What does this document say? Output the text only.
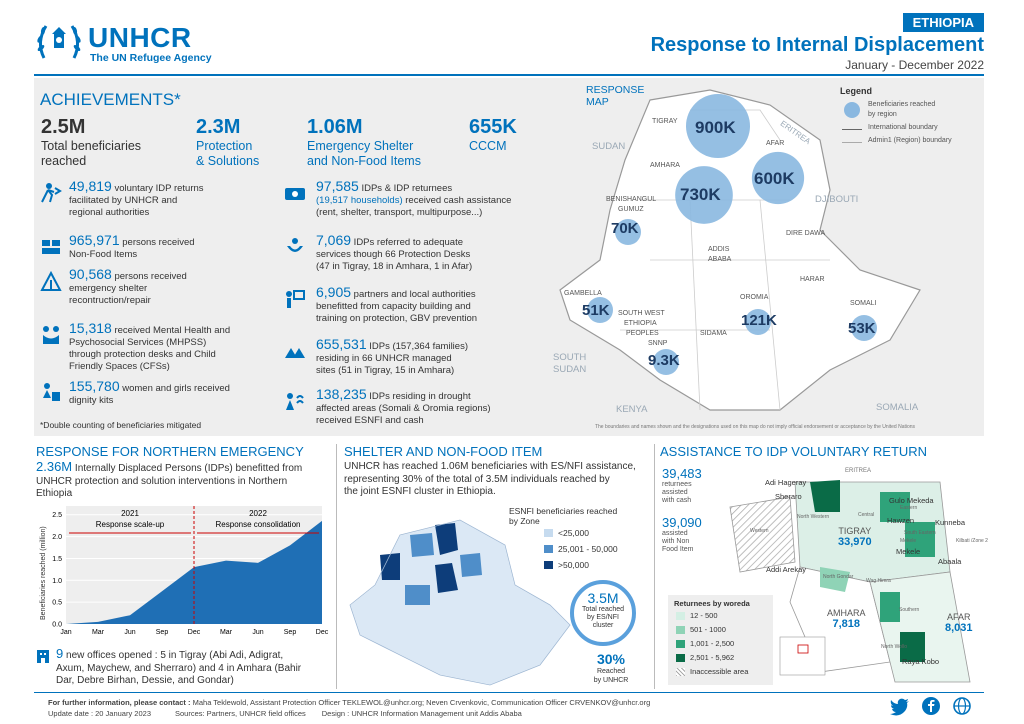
UNHCR
The UN Refugee Agency
ETHIOPIA
Response to Internal Displacement
January - December 2022
ACHIEVEMENTS*
2.5M
Total beneficiaries
reached
2.3M
Protection
& Solutions
1.06M
Emergency Shelter
and Non-Food Items
655K
CCCM
49,819 voluntary IDP returns
facilitated by UNHCR and
regional authorities
965,971 persons received
Non-Food Items
90,568 persons received
emergency shelter
recontruction/repair
15,318 received Mental Health and
Psychosocial Services (MHPSS)
through protection desks and Child
Friendly Spaces (CFSs)
155,780 women and girls received
dignity kits
*Double counting of beneficiaries mitigated
97,585 IDPs & IDP returnees
(19,517 households) received cash assistance
(rent, shelter, transport, multipurpose...)
7,069 IDPs referred to adequate
services though 66 Protection Desks
(47 in Tigray, 18 in Amhara, 1 in Afar)
6,905 partners and local authorities
benefitted from capacity building and
training on protection, GBV prevention
655,531 IDPs (157,364 families)
residing in 66 UNHCR managed
sites (51 in Tigray, 15 in Amhara)
138,235 IDPs residing in drought
affected areas (Somali & Oromia regions)
received ESNFI and cash
RESPONSE
MAP
Legend
Beneficiaries reached
by region
International boundary
Admin1 (Region) boundary
SUDAN
ERITREA
DJIBOUTI
SOUTH
SUDAN
KENYA	SOMALIA
TIGRAY
AFAR
AMHARA
BENISHANGUL
GUMUZ
ADDIS
ABABA
DIRE DAWA
HARAR
GAMBELLA
SOUTH WEST
ETHIOPIA
PEOPLES
OROMIA
SOMALI
SIDAMA
SNNP
900K
600K
730K
70K
51K
121K	53K
9.3K
The boundaries and names shown and the designations used on this map do not imply official endorsement or acceptance by the United Nations
RESPONSE FOR NORTHERN EMERGENCY
2.36M Internally Displaced Persons (IDPs) benefitted from
UNHCR protection and solution interventions in Northern
Ethiopia
0.0
0.5
1.0
1.5
2.0
2.5
Jan	Mar	Jun	Sep	Dec	Mar	Jun	Sep	Dec
2021
Response scale-up
2022
Response consolidation
Beneficiaries reached (million)
9 new offices opened : 5 in Tigray (Abi Adi, Adigrat,
Axum, Maychew, and Sherraro) and 4 in Amhara (Bahir
Dar, Debre Birhan, Dessie, and Gondar)
SHELTER AND NON-FOOD ITEM
UNHCR has reached 1.06M beneficiaries with ES/NFI assistance,
representing 30% of the total of 3.5M individuals reached by
the joint ESNFI cluster in Ethiopia.
ESNFI beneficiaries reached
by Zone
<25,000
25,001 - 50,000
>50,000
3.5M
Total reached
by ES/NFI
cluster
30%
Reached
by UNHCR
ASSISTANCE TO IDP VOLUNTARY RETURN
39,483
returnees
assisted
with cash
39,090
assisted
with Non
Food Item
Adi Hageray
Sheraro	Gulo Mekeda
Hawzen	Kunneba
Mekele
Abaala
Addi Arekay
Raya Kobo
ERITREA
Western
North Western	Central
Eastern
South Eastern
Mekele
North Gondar
Wag Himra
North Wollo
Kilbati /Zone 2
Southern
TIGRAY
33,970
AMHARA
7,818
AFAR
8,031
Returnees by woreda
12 - 500
501 - 1000
1,001 - 2,500
2,501 - 5,962
Inaccessible area
For further information, please contact : Maha Teklewold, Assistant Protection Officer TEKLEWOL@unhcr.org; Neven Crvenkovic, Communication Officer CRVENKOV@unhcr.org
Update date : 20 January 2023	Sources: Partners, UNHCR field offices Design : UNHCR Information Management unit Addis Ababa
